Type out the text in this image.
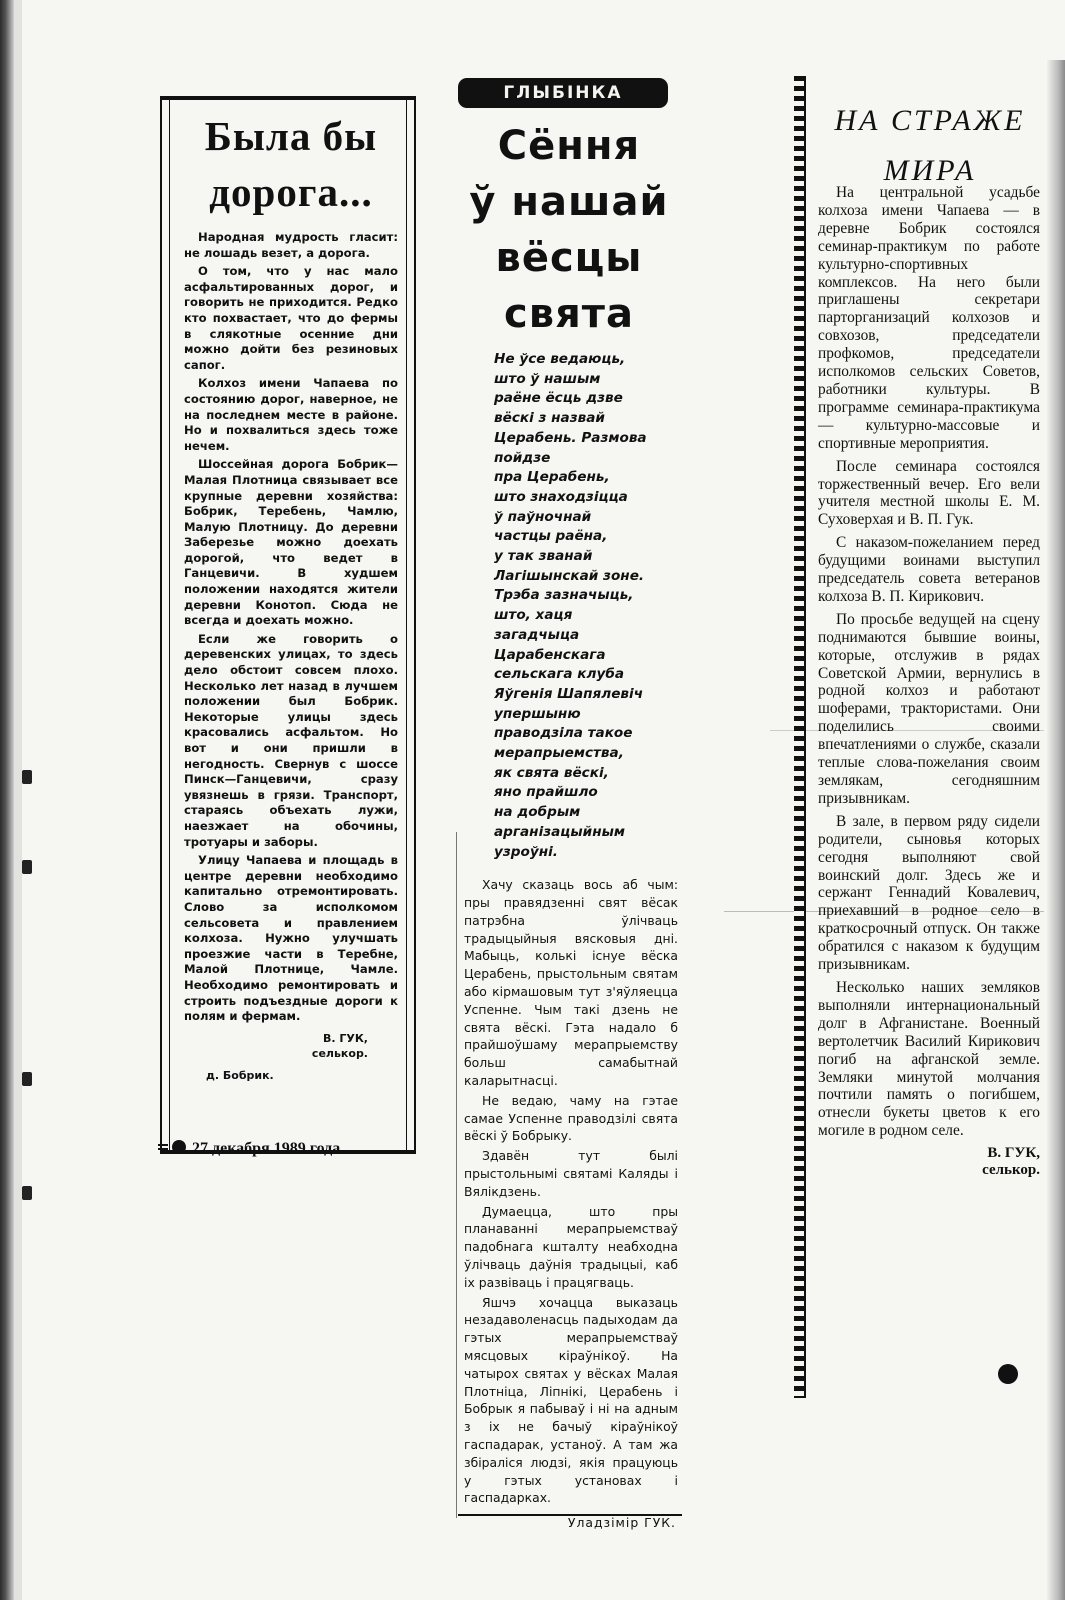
Была бы
дорога...

Народная мудрость гласит: не лошадь везет, а дорога.

О том, что у нас мало асфальтированных дорог, и говорить не приходится. Редко кто похвастает, что до фермы в слякотные осенние дни можно дойти без резиновых сапог.

Колхоз имени Чапаева по состоянию дорог, наверное, не на последнем месте в районе. Но и похвалиться здесь тоже нечем.

Шоссейная дорога Бобрик—Малая Плотница связывает все крупные деревни хозяйства: Бобрик, Теребень, Чамлю, Малую Плотницу. До деревни Заберезье можно доехать дорогой, что ведет в Ганцевичи. В худшем положении находятся жители деревни Конотоп. Сюда не всегда и доехать можно.

Если же говорить о деревенских улицах, то здесь дело обстоит совсем плохо. Несколько лет назад в лучшем положении был Бобрик. Некоторые улицы здесь красовались асфальтом. Но вот и они пришли в негодность. Свернув с шоссе Пинск—Ганцевичи, сразу увязнешь в грязи. Транспорт, стараясь объехать лужи, наезжает на обочины, тротуары и заборы.

Улицу Чапаева и площадь в центре деревни необходимо капитально отремонтировать. Слово за исполкомом сельсовета и правлением колхоза. Нужно улучшать проезжие части в Теребне, Малой Плотнице, Чамле. Необходимо ремонтировать и строить подъездные дороги к полям и фермам.

В. ГУК,
селькор.
д. Бобрик.
27 декабря 1989 года
ГЛЫБІНКА
Сёння
ў нашай
вёсцы
свята
Не ўсе ведаюць,
што ў нашым
раёне ёсць дзве
вёскі з назвай
Церабень. Размова
пойдзе
пра Церабень,
што знаходзіцца
ў паўночнай
частцы раёна,
у так званай
Лагішынскай зоне.
Трэба зазначыць,
што, хаця
загадчыца
Царабенскага
сельскага клуба
Яўгенія Шапялевіч
упершыню
праводзіла такое
мерапрыемства,
як свята вёскі,
яно прайшло
на добрым
арганізацыйным
узроўні.

Хачу сказаць вось аб чым: пры правядзенні свят вёсак патрэбна ўлічваць традыцыйныя вясковыя дні. Мабыць, колькі існуе вёска Церабень, прыстольным святам або кірмашовым тут з'яўляецца Успенне. Чым такі дзень не свята вёскі. Гэта надало б прайшоўшаму мерапрыемству больш самабытнай каларытнасці.

Не ведаю, чаму на гэтае самае Успенне праводзілі свята вёскі ў Бобрыку.

Здавён тут былі прыстольнымі святамі Каляды і Вялікдзень.

Думаецца, што пры планаванні мерапрыемстваў падобнага кшталту неабходна ўлічваць даўнія традыцыі, каб іх развіваць і працягваць.

Яшчэ хочацца выказаць незадаволенасць падыходам да гэтых мерапрыемстваў мясцовых кіраўнікоў. На чатырох святах у вёсках Малая Плотніца, Ліпнікі, Церабень і Бобрык я пабываў і ні на адным з іх не бачыў кіраўнікоў гаспадарак, устаноў. А там жа збіраліся людзі, якія працуюць у гэтых установах і гаспадарках.

Уладзімір ГУК.
НА СТРАЖЕ
МИРА

На центральной усадьбе колхоза имени Чапаева — в деревне Бобрик состоялся семинар-практикум по работе культурно-спортивных комплексов. На него были приглашены секретари парторганизаций колхозов и совхозов, председатели профкомов, председатели исполкомов сельских Советов, работники культуры. В программе семинара-практикума — культурно-массовые и спортивные мероприятия.

После семинара состоялся торжественный вечер. Его вели учителя местной школы Е. М. Суховерхая и В. П. Гук.

С наказом-пожеланием перед будущими воинами выступил председатель совета ветеранов колхоза В. П. Кирикович.

По просьбе ведущей на сцену поднимаются бывшие воины, которые, отслужив в рядах Советской Армии, вернулись в родной колхоз и работают шоферами, трактористами. Они поделились своими впечатлениями о службе, сказали теплые слова-пожелания своим землякам, сегодняшним призывникам.

В зале, в первом ряду сидели родители, сыновья которых сегодня выполняют свой воинский долг. Здесь же и сержант Геннадий Ковалевич, приехавший в родное село в краткосрочный отпуск. Он также обратился с наказом к будущим призывникам.

Несколько наших земляков выполняли интернациональный долг в Афганистане. Военный вертолетчик Василий Кирикович погиб на афганской земле. Земляки минутой молчания почтили память о погибшем, отнесли букеты цветов к его могиле в родном селе.

В. ГУК,
селькор.
